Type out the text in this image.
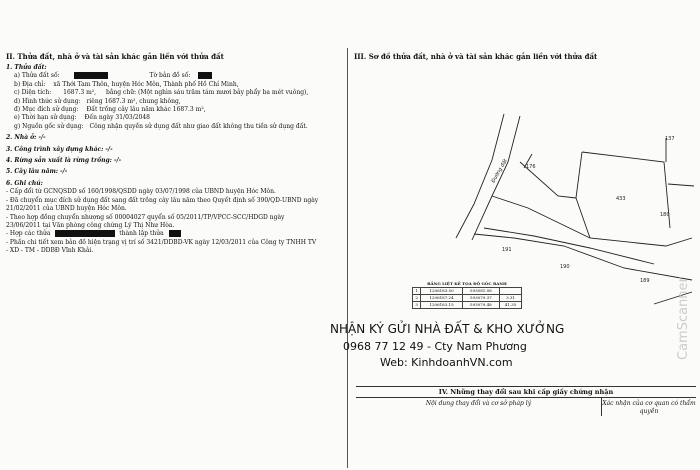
II. Thửa đất, nhà ở và tài sản khác gắn liền với thửa đất
1. Thửa đất:
a) Thửa đất số:	Tờ bản đồ số:
b) Địa chỉ: xã Thới Tam Thôn, huyện Hóc Môn, Thành phố Hồ Chí Minh,
c) Diện tích: 1687.3 m², bằng chữ: (Một nghìn sáu trăm tám mươi bảy phẩy ba mét vuông),
d) Hình thức sử dụng: riêng 1687.3 m², chung không,
đ) Mục đích sử dụng: Đất trồng cây lâu năm khác 1687.3 m²,
e) Thời hạn sử dụng: Đến ngày 31/03/2048
g) Nguồn gốc sử dụng: Công nhận quyền sử dụng đất như giao đất không thu tiền sử dụng đất.
2. Nhà ở: -/-
3. Công trình xây dựng khác: -/-
4. Rừng sản xuất là rừng trồng: -/-
5. Cây lâu năm: -/-
6. Ghi chú:
- Cấp đổi từ GCNQSDD số 160/1998/QSDD ngày 03/07/1998 của UBND huyện Hóc Môn.
- Đã chuyển mục đích sử dụng đất sang đất trồng cây lâu năm theo Quyết định số 390/QD-UBND ngày
21/02/2011 của UBND huyện Hóc Môn.
- Theo hợp đồng chuyển nhượng số 00004027 quyển số 05/2011/TP/VPCC-SCC/HDGD ngày
23/06/2011 tại Văn phòng công chứng Lý Thị Như Hòa.
- Hợp các thửa	thành lập thửa
- Phần chi tiết xem bản đồ hiện trạng vị trí số 3421/DDBD-VK ngày 12/03/2011 của Công ty TNHH TV
- XD - TM - DDBĐ Vĩnh Khải.
III. Sơ đồ thửa đất, nhà ở và tài sản khác gắn liền với thửa đất
137
176
433
180
191
190
189
Đường đất
BẢNG LIỆT KÊ TỌA ĐỘ GÓC RANH
1	1206183.50	593081.08	
2	1206187.24	593079.37	3.31
3	1206183.15	593079.48	41.35
IV. Những thay đổi sau khi cấp giấy chứng nhận
Nội dung thay đổi và cơ sở pháp lý	Xác nhận của cơ quan có thẩm quyền
NHẬN KÝ GỬI NHÀ ĐẤT & KHO XƯỞNG
0968 77 12 49 - Cty Nam Phương
Web: KinhdoanhVN.com
CamScanner
